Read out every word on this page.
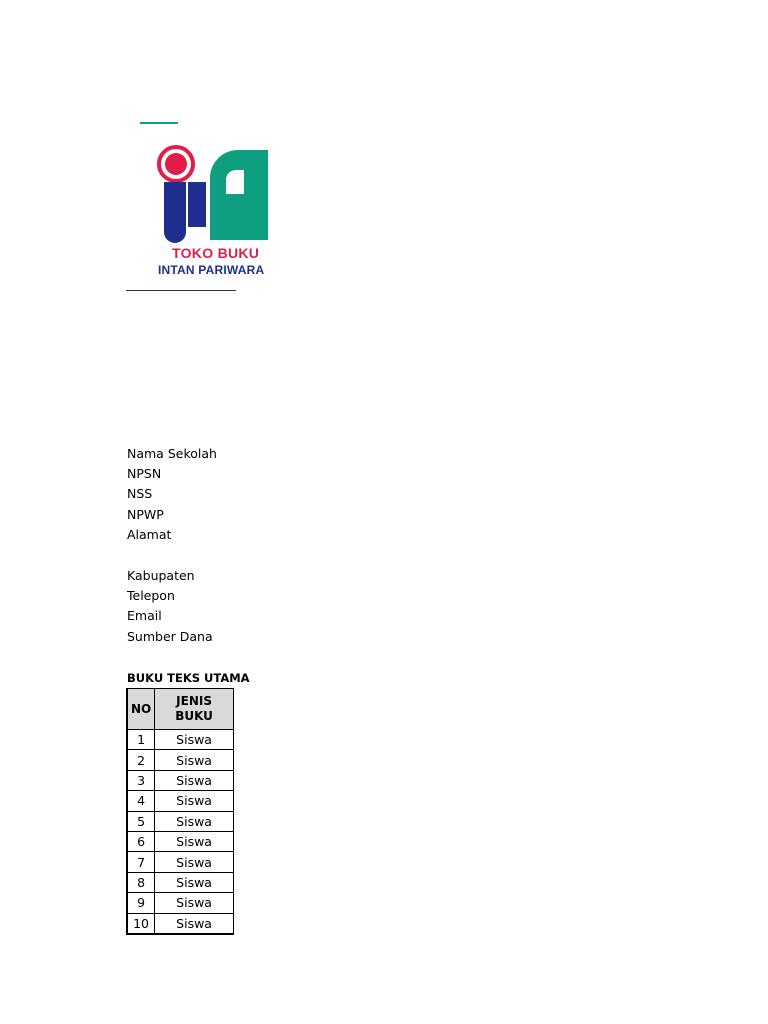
TOKO BUKU
INTAN PARIWARA
Nama Sekolah
NPSN
NSS
NPWP
Alamat
Kabupaten
Telepon
Email
Sumber Dana
BUKU TEKS UTAMA
NO	JENIS BUKU

1	Siswa
2	Siswa
3	Siswa
4	Siswa
5	Siswa
6	Siswa
7	Siswa
8	Siswa
9	Siswa
10	Siswa
